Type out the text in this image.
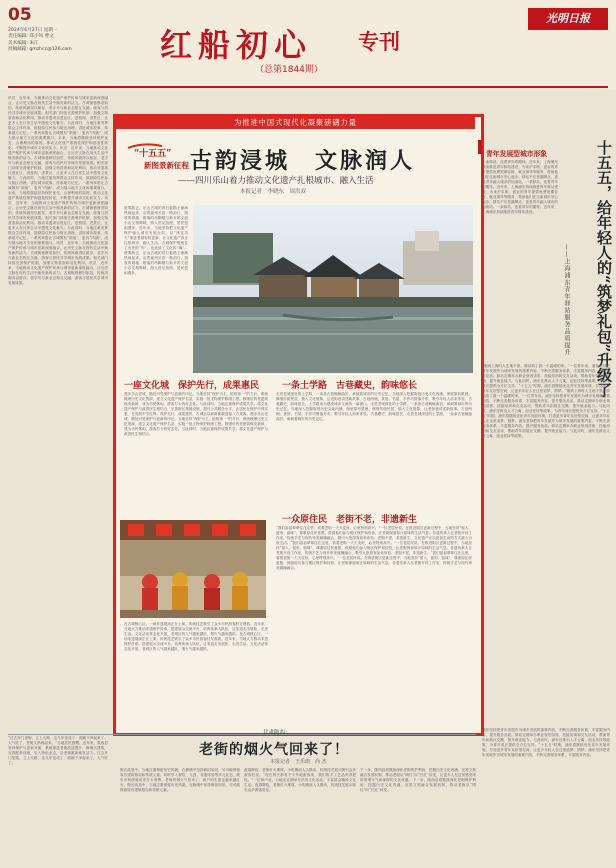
05
2024年6月27日 星期一
责任编辑: 郑小凤 曹文
美术编辑: 朱江
投稿邮箱: gmzhcc@126.com	红船初心 专刊
（总第1844期）
光明日报
讯员　近年来，当地推动文化遗产保护传承与城市更新深度融合，让历史文脉在现代生活中焕发新的活力。古城街巷修旧如旧，传统风貌得以留存，老字号与新业态相互交融，游客与居民共享城市发展成果。相关部门持续完善保护机制，加强文物普查和活化利用，推动非遗项目进社区、进校园、进景区，让更多人在日常生活中感受文化魅力。与此同时，当地注重发挥群众主体作用，鼓励原住民参与街区治理，讲好城市故事，传承地方记忆。一系列举措让古城既有“颜值”，更有“内涵”，成为展示地方文化的重要窗口。未来，当地将继续坚持保护优先、合理利用的原则，推动文化遗产系统性保护和创造性转化，不断提升城市文化软实力。讯员　近年来，当地推动文化遗产保护传承与城市更新深度融合，让历史文脉在现代生活中焕发新的活力。古城街巷修旧如旧，传统风貌得以留存，老字号与新业态相互交融，游客与居民共享城市发展成果。相关部门持续完善保护机制，加强文物普查和活化利用，推动非遗项目进社区、进校园、进景区，让更多人在日常生活中感受文化魅力。与此同时，当地注重发挥群众主体作用，鼓励原住民参与街区治理，讲好城市故事，传承地方记忆。一系列举措让古城既有“颜值”，更有“内涵”，成为展示地方文化的重要窗口。未来，当地将继续坚持保护优先、合理利用的原则，推动文化遗产系统性保护和创造性转化，不断提升城市文化软实力。讯员　近年来，当地推动文化遗产保护传承与城市更新深度融合，让历史文脉在现代生活中焕发新的活力。古城街巷修旧如旧，传统风貌得以留存，老字号与新业态相互交融，游客与居民共享城市发展成果。相关部门持续完善保护机制，加强文物普查和活化利用，推动非遗项目进社区、进校园、进景区，让更多人在日常生活中感受文化魅力。与此同时，当地注重发挥群众主体作用，鼓励原住民参与街区治理，讲好城市故事，传承地方记忆。一系列举措让古城既有“颜值”，更有“内涵”，成为展示地方文化的重要窗口。讯员　近年来，当地推动文化遗产保护传承与城市更新深度融合，让历史文脉在现代生活中焕发新的活力。古城街巷修旧如旧，传统风貌得以留存，老字号与新业态相互交融，游客与居民共享城市发展成果。相关部门持续完善保护机制，加强文物普查和活化利用。讯员　近年来，当地推动文化遗产保护传承与城市更新深度融合，让历史文脉在现代生活中焕发新的活力。古城街巷修旧如旧，传统风貌得以留存，老字号与新业态相互交融，游客与居民共享城市发展成果。
为推进中国式现代化凝聚磅礴力量
“十五五”
新图景新征程 古韵浸城　文脉润人
——四川乐山着力推动文化遗产扎根城市、融入生活
本报记者　李晓东　周洪双
晨雾散去，乐山古城的青石板路上渐渐热闹起来。沿着嘉州长卷一路前行，斑驳的城墙、错落的吊脚楼与新开的文创小店交相辉映，游人驻足拍照，居民悠闲漫步。近年来，当地坚持把文化遗产保护融入城市发展全局，以“绣花功夫”推进老城有机更新，让文化遗产真正扎根城市、融入生活。古城保护既留住了历史的“形”，也延续了文化的“魂”。晨雾散去，乐山古城的青石板路上渐渐热闹起来。沿着嘉州长卷一路前行，斑驳的城墙、错落的吊脚楼与新开的文创小店交相辉映，游人驻足拍照，居民悠闲漫步。
一座文化城　保护先行，成果惠民
漫步乐山老城，随处可见保护与更新的印记。当地坚持“保护为主、抢救第一”的方针，系统梳理历史文化资源，建立文化遗产保护名录，实施一批文物保护修缮工程。修缮后的老建筑焕发新颜，成为市民休闲、游客打卡的好去处。与此同时，当地注重保护成果共享，将文化遗产保护与改善民生相结合，完善街区基础设施，提升公共服务水平，让居民在保护中得实惠、在发展中享红利。保护先行，成果惠民，古城正以崭新面貌迎接八方来客。漫步乐山老城，随处可见保护与更新的印记。当地坚持“保护为主、抢救第一”的方针，系统梳理历史文化资源，建立文化遗产保护名录，实施一批文物保护修缮工程。修缮后的老建筑焕发新颜，成为市民休闲、游客打卡的好去处。与此同时，当地注重保护成果共享，将文化遗产保护与改善民生相结合。
在古城核心区，一场非遗展演正在上演。传统技艺吸引了众多市民游客驻足观看。近年来，当地大力推动非遗保护传承，搭建展示交流平台，培育传承人队伍，让非遗走出展柜、走进生活。文化活动常态化开展，老城区的人气越来越旺，烟火气越来越浓。在古城核心区，一场非遗展演正在上演。传统技艺吸引了众多市民游客驻足观看。近年来，当地大力推动非遗保护传承，搭建展示交流平台，培育传承人队伍，让非遗走出展柜、走进生活。文化活动常态化开展，老城区的人气越来越旺，烟火气越来越浓。
一条土学路　古巷藏史，韵味悠长
走进老城深处的土学路，一条条古巷蜿蜒曲折，承载着城市的历史记忆。当地深入挖掘街巷历史文化内涵，保留原有肌理，修缮传统民居，植入文化展陈，让老街巷讲述新故事。古巷两侧，茶馆、书屋、手作坊错落分布，吸引年轻人前来体验。古巷藏史，韵味悠长，土学路成为感受城市文脉的一扇窗口。走进老城深处的土学路，一条条古巷蜿蜒曲折，承载着城市的历史记忆。当地深入挖掘街巷历史文化内涵，保留原有肌理，修缮传统民居，植入文化展陈，让老街巷讲述新故事。古巷两侧，茶馆、书屋、手作坊错落分布，吸引年轻人前来体验。古巷藏史，韵味悠长。走进老城深处的土学路，一条条古巷蜿蜒曲折，承载着城市的历史记忆。
一众原住民　老街不老，非遗新生
“我们祖祖辈辈住在这里，看着老街一天天变好，心里特别高兴。”一位老居民说。在推进街区更新过程中，当地坚持“留人、留形、留味”，尊重原住民意愿，鼓励他们参与街区保护和经营，让老街保留原汁原味的生活气息。非遗传承人在老街开设工作室，传统手艺与现代审美碰撞融合，吸引大批游客前来体验。老街不老，非遗新生，文化遗产正以更加生动的方式融入百姓生活。“我们祖祖辈辈住在这里，看着老街一天天变好，心里特别高兴。”一位老居民说。在推进街区更新过程中，当地坚持“留人、留形、留味”，尊重原住民意愿，鼓励他们参与街区保护和经营，让老街保留原汁原味的生活气息。非遗传承人在老街开设工作室，传统手艺与现代审美碰撞融合，吸引大批游客前来体验。老街不老，非遗新生。“我们祖祖辈辈住在这里，看着老街一天天变好，心里特别高兴。”一位老居民说。在推进街区更新过程中，当地坚持“留人、留形、留味”，尊重原住民意愿，鼓励他们参与街区保护和经营，让老街保留原汁原味的生活气息。非遗传承人在老街开设工作室，传统手艺与现代审美碰撞融合。
青年发展型城市形象	十五五，给年轻人的“筑梦礼包”升级了
——上海浦东青年驿站服务品质提升
一条驿站，连着青年的期待。近年来，上海浦东持续推进青年驿站建设，为来沪求职、创业的青年提供免费短期住宿、就业指导等服务，帮助他们在这座城市安心起步。驿站不仅是落脚点，更是青年融入城市的加油站。一条驿站，连着青年的期待。近年来，上海浦东持续推进青年驿站建设，为来沪求职、创业的青年提供免费短期住宿、就业指导等服务，帮助他们在这座城市安心起步。驿站不仅是落脚点，更是青年融入城市的加油站。一条驿站，连着青年的期待。近年来，上海浦东持续推进青年驿站建设。
“刚到上海时人生地不熟，驿站给了我一个温暖的家。”一位青年说。浦东坚持把青年发展作为城市发展的重要内容，不断完善服务体系，丰富服务内容，提升服务品质。驿站定期举办职业规划讲座、技能培训和交友活动，帮助青年拓展社交圈、提升就业能力。与此同时，浦东还推出人才公寓、创业扶持等政策，为青年成长提供全方位支持。“十五五”时期，浦东将继续优化青年发展环境，打造更多青年友好型空间，让更多年轻人在这里追梦、圆梦。“刚到上海时人生地不熟，驿站给了我一个温暖的家。”一位青年说。浦东坚持把青年发展作为城市发展的重要内容，不断完善服务体系，丰富服务内容，提升服务品质。驿站定期举办职业规划讲座、技能培训和交友活动，帮助青年拓展社交圈、提升就业能力。与此同时，浦东还推出人才公寓、创业扶持等政策，为青年成长提供全方位支持。“十五五”时期，浦东将继续优化青年发展环境，打造更多青年友好型空间，让更多年轻人在这里追梦、圆梦。浦东坚持把青年发展作为城市发展的重要内容，不断完善服务体系，丰富服务内容，提升服务品质。驿站定期举办职业规划讲座、技能培训和交友活动，帮助青年拓展社交圈、提升就业能力。与此同时，浦东还推出人才公寓、创业扶持等政策。
浦东坚持把青年发展作为城市发展的重要内容，不断完善服务体系，丰富服务内容，提升服务品质。驿站定期举办职业规划讲座、技能培训和交友活动，帮助青年拓展社交圈、提升就业能力。与此同时，浦东还推出人才公寓、创业扶持等政策，为青年成长提供全方位支持。“十五五”时期，浦东将继续优化青年发展环境，打造更多青年友好型空间，让更多年轻人在这里追梦、圆梦。浦东坚持把青年发展作为城市发展的重要内容，不断完善服务体系，丰富服务内容。
甘肃陇西：
老街的烟火气回来了！
本报记者　王乐朗　尚 杰
“过去开门见街，立上大路，这几年变成了：面貌干净起来了，人气旺了，老街又热闹起来。”当地居民感慨。近年来，陇西县坚持保护与更新并重，系统推进老街改造提升，修缮古建筑，完善配套设施，引入特色业态，让老街重新焕发活力。过去开门见街，立上大路，这几年变成了：面貌干净起来了，人气旺了。
街区改造中，当地注重保留历史风貌，在修缮中坚持修旧如旧，尽可能保留原有建筑格局和传统元素。同时引入餐饮、文创、非遗体验等多元业态，吸引市民游客前来打卡消费。老街的烟火气回来了，商户的生意也越来越红火。街区改造中，当地注重保留历史风貌，在修缮中坚持修旧如旧，尽可能保留原有建筑格局和传统元素。
夜幕降临，老街灯火璀璨，小吃摊前人头攒动，传统技艺展示吸引众多游客驻足。“现在每天都有不少外地游客来，我们的手工艺品卖得很好。”一位商户说。当地还定期举办民俗文化活动，丰富群众精神文化生活。夜幕降临，老街灯火璀璨，小吃摊前人头攒动，传统技艺展示吸引众多游客驻足。
下一步，陇西县将继续深化老街保护利用，挖掘历史文化内涵，完善文旅融合发展机制，推动老街从“网红”向“长红”转变，让更多人在这里感受浓浓的烟火气和深厚的文化底蕴。下一步，陇西县将继续深化老街保护利用，挖掘历史文化内涵，完善文旅融合发展机制，推动老街从“网红”向“长红”转变。
